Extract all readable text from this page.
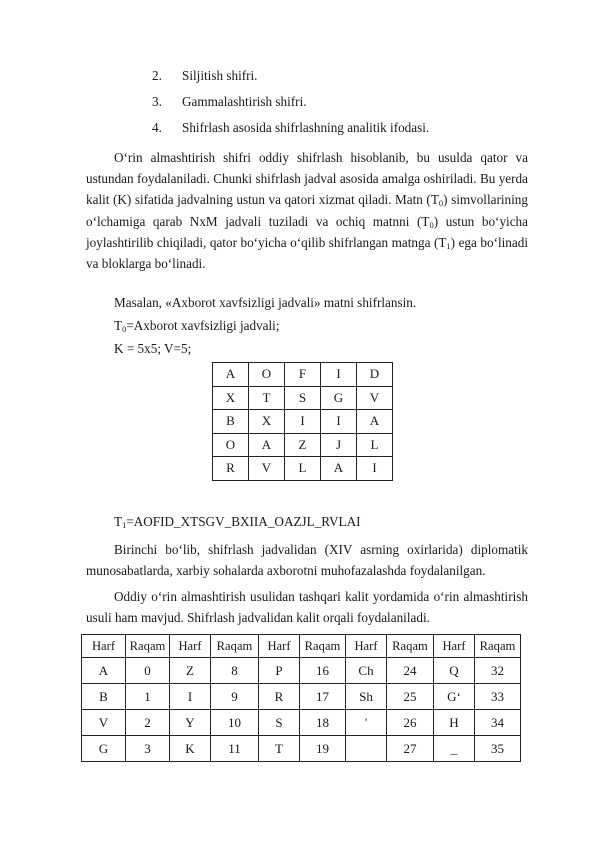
2. Siljitish shifri.
3. Gammalashtirish shifri.
4. Shifrlash asosida shifrlashning analitik ifodasi.
O‘rin almashtirish shifri oddiy shifrlash hisoblanib, bu usulda qator va ustundan foydalaniladi. Chunki shifrlash jadval asosida amalga oshiriladi. Bu yerda kalit (K) sifatida jadvalning ustun va qatori xizmat qiladi. Matn $(T_0)$ simvollarining o‘lchamiga qarab NxM jadvali tuziladi va ochiq matnni $(T_0)$ ustun bo‘yicha joylashtirilib chiqiladi, qator bo‘yicha o‘qilib shifrlangan matnga $(T_1)$ ega bo‘linadi va bloklarga bo‘linadi.
Masalan, «Axborot xavfsizligi jadvali» matni shifrlansin.
$T_0=Axborot$ xavfsizligi jadvali;
K = 5x5; V=5;
A	O	F	I	D
X	T	S	G	V
B	X	I	I	A
O	A	Z	J	L
R	V	L	A	I
$T_1=AOFID\_XTSGV\_BXIIA\_OAZJL\_RVLAI$
Birinchi bo‘lib, shifrlash jadvalidan (XIV asrning oxirlarida) diplomatik munosabatlarda, xarbiy sohalarda axborotni muhofazalashda foydalanilgan.
Oddiy o‘rin almashtirish usulidan tashqari kalit yordamida o‘rin almashtirish usuli ham mavjud. Shifrlash jadvalidan kalit orqali foydalaniladi.
Harf	Raqam	Harf	Raqam	Harf	Raqam	Harf	Raqam	Harf	Raqam
A	0	Z	8	P	16	Ch	24	Q	32
B	1	I	9	R	17	Sh	25	G‘	33
V	2	Y	10	S	18	'	26	H	34
G	3	K	11	T	19		27	_	35
